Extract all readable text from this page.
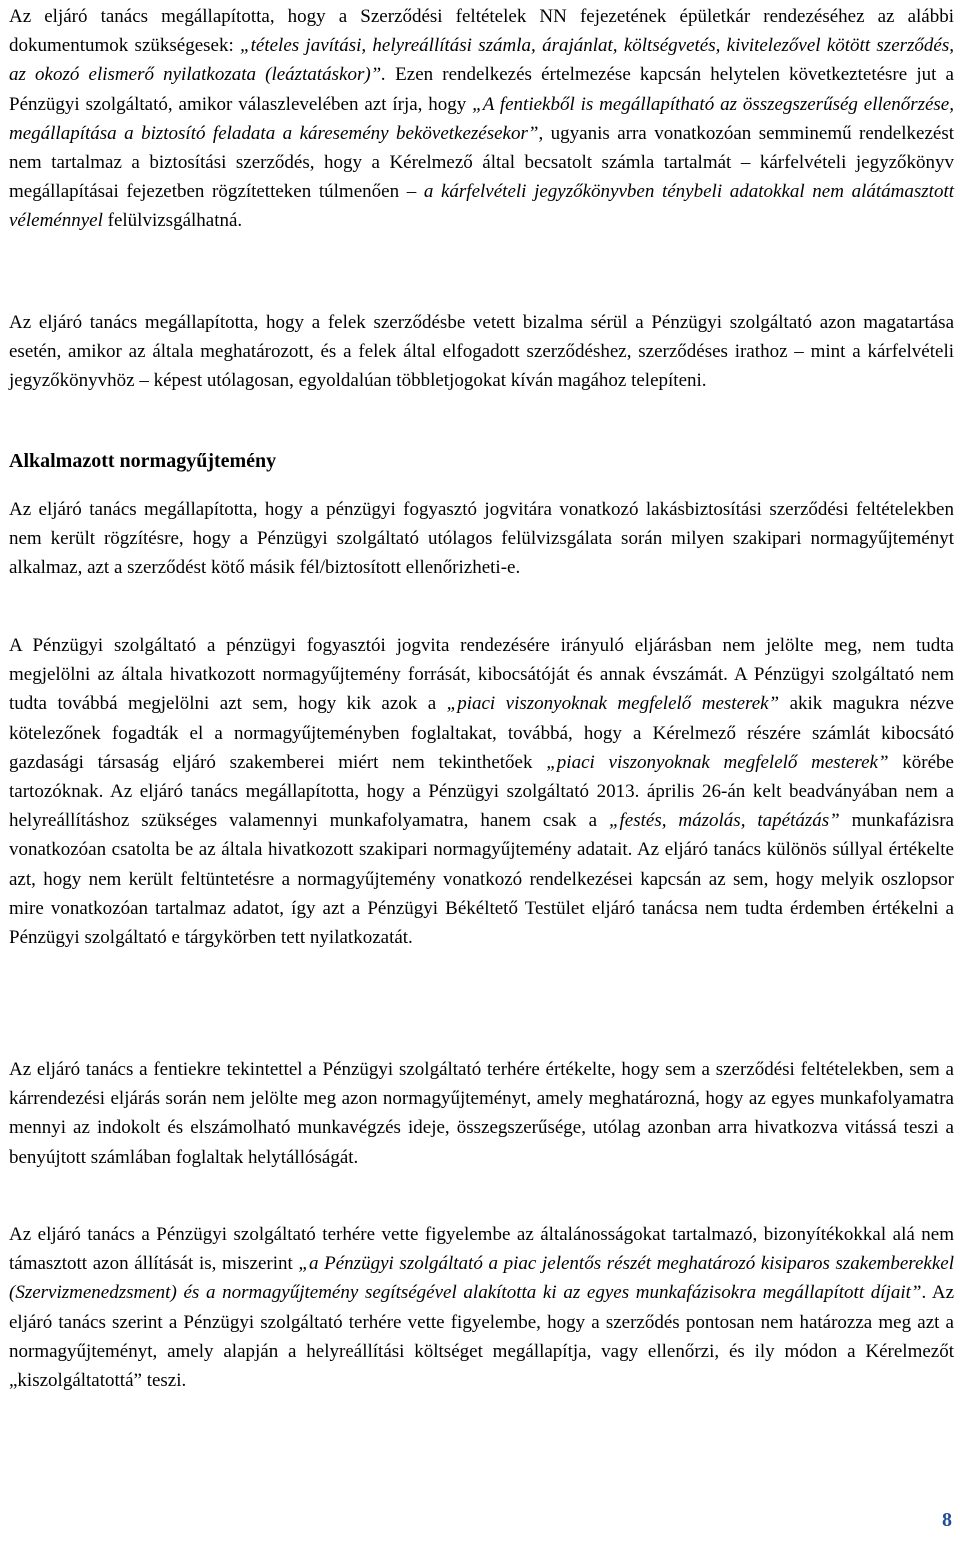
Az eljáró tanács megállapította, hogy a Szerződési feltételek NN fejezetének épületkár rendezéséhez az alábbi dokumentumok szükségesek: „tételes javítási, helyreállítási számla, árajánlat, költségvetés, kivitelezővel kötött szerződés, az okozó elismerő nyilatkozata (leáztatáskor)”. Ezen rendelkezés értelmezése kapcsán helytelen következtetésre jut a Pénzügyi szolgáltató, amikor válaszlevelében azt írja, hogy „A fentiekből is megállapítható az összegszerűség ellenőrzése, megállapítása a biztosító feladata a káresemény bekövetkezésekor”, ugyanis arra vonatkozóan semminemű rendelkezést nem tartalmaz a biztosítási szerződés, hogy a Kérelmező által becsatolt számla tartalmát – kárfelvételi jegyzőkönyv megállapításai fejezetben rögzítetteken túlmenően – a kárfelvételi jegyzőkönyvben ténybeli adatokkal nem alátámasztott véleménnyel felülvizsgálhatná.

Az eljáró tanács megállapította, hogy a felek szerződésbe vetett bizalma sérül a Pénzügyi szolgáltató azon magatartása esetén, amikor az általa meghatározott, és a felek által elfogadott szerződéshez, szerződéses irathoz – mint a kárfelvételi jegyzőkönyvhöz – képest utólagosan, egyoldalúan többletjogokat kíván magához telepíteni.

Alkalmazott normagyűjtemény

Az eljáró tanács megállapította, hogy a pénzügyi fogyasztó jogvitára vonatkozó lakásbiztosítási szerződési feltételekben nem került rögzítésre, hogy a Pénzügyi szolgáltató utólagos felülvizsgálata során milyen szakipari normagyűjteményt alkalmaz, azt a szerződést kötő másik fél/biztosított ellenőrizheti-e.

A Pénzügyi szolgáltató a pénzügyi fogyasztói jogvita rendezésére irányuló eljárásban nem jelölte meg, nem tudta megjelölni az általa hivatkozott normagyűjtemény forrását, kibocsátóját és annak évszámát. A Pénzügyi szolgáltató nem tudta továbbá megjelölni azt sem, hogy kik azok a „piaci viszonyoknak megfelelő mesterek” akik magukra nézve kötelezőnek fogadták el a normagyűjteményben foglaltakat, továbbá, hogy a Kérelmező részére számlát kibocsátó gazdasági társaság eljáró szakemberei miért nem tekinthetőek „piaci viszonyoknak megfelelő mesterek” körébe tartozóknak. Az eljáró tanács megállapította, hogy a Pénzügyi szolgáltató 2013. április 26-án kelt beadványában nem a helyreállításhoz szükséges valamennyi munkafolyamatra, hanem csak a „festés, mázolás, tapétázás” munkafázisra vonatkozóan csatolta be az általa hivatkozott szakipari normagyűjtemény adatait. Az eljáró tanács különös súllyal értékelte azt, hogy nem került feltüntetésre a normagyűjtemény vonatkozó rendelkezései kapcsán az sem, hogy melyik oszlopsor mire vonatkozóan tartalmaz adatot, így azt a Pénzügyi Békéltető Testület eljáró tanácsa nem tudta érdemben értékelni a Pénzügyi szolgáltató e tárgykörben tett nyilatkozatát.

Az eljáró tanács a fentiekre tekintettel a Pénzügyi szolgáltató terhére értékelte, hogy sem a szerződési feltételekben, sem a kárrendezési eljárás során nem jelölte meg azon normagyűjteményt, amely meghatározná, hogy az egyes munkafolyamatra mennyi az indokolt és elszámolható munkavégzés ideje, összegszerűsége, utólag azonban arra hivatkozva vitássá teszi a benyújtott számlában foglaltak helytállóságát.

Az eljáró tanács a Pénzügyi szolgáltató terhére vette figyelembe az általánosságokat tartalmazó, bizonyítékokkal alá nem támasztott azon állítását is, miszerint „a Pénzügyi szolgáltató a piac jelentős részét meghatározó kisiparos szakemberekkel (Szervizmenedzsment) és a normagyűjtemény segítségével alakította ki az egyes munkafázisokra megállapított díjait”. Az eljáró tanács szerint a Pénzügyi szolgáltató terhére vette figyelembe, hogy a szerződés pontosan nem határozza meg azt a normagyűjteményt, amely alapján a helyreállítási költséget megállapítja, vagy ellenőrzi, és ily módon a Kérelmezőt „kiszolgáltatottá” teszi.

8
